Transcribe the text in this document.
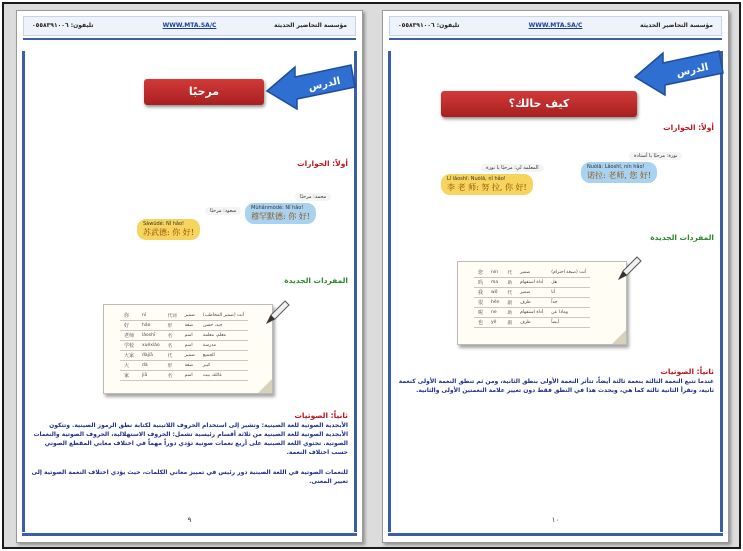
مؤسسة التحاضير الحديثة
WWW.MTA.SA/C
تليفون: ٠٥٥٨٣٩١٠٠٦
الدرس
مرحبًا
أولاً: الحوارات
محمد: مرحبًا
Mùhǎnmòdé: Nǐ hǎo!
穆罕默德: 你 好!
سعود: مرحبًا
Sàwūdé: Nǐ hǎo!
苏武德: 你 好!
المفردات الجديدة
你	nǐ	代词	ضمير	أنت (ضمير المخاطب)
好	hǎo	形	صفة	جيد، حسن
老师	lǎoshī	名	اسم	معلم، معلمة
学校	xuéxiào	名	اسم	مدرسة
大家	dàjiā	代	ضمير	الجميع
大	dà	形	صفة	كبير
家	jiā	名	اسم	عائلة، بيت
ثانياً: الصوتيات
الأبجدية الصوتية للغة الصينية: وتشير إلى استخدام الحروف اللاتينية لكتابة نطق الرموز الصينية. وتتكون الأبجدية الصوتية للغة الصينية من ثلاثة أقسام رئيسية تشمل: الحروف الاستهلالية، الحروف الصوتية والنغمات الصوتية. تحتوي اللغة الصينية على أربع نغمات صوتية تؤدي دوراً مهماً في اختلاف معاني المقطع الصوتي حسب اختلاف النغمة.
للنغمات الصوتية في اللغة الصينية دور رئيس في تمييز معاني الكلمات، حيث يؤدي اختلاف النغمة الصوتية إلى تغيير المعنى.
٩
مؤسسة التحاضير الحديثة
WWW.MTA.SA/C
تليفون: ٠٥٥٨٣٩١٠٠٦
الدرس
كيف حالك؟
أولاً: الحوارات
نورة: مرحبًا يا أستاذة
Nuòlā: Lǎoshī, nín hǎo!
诺拉: 老师, 您 好!
المعلمة لي: مرحبًا يا نورة
Lǐ lǎoshī: Nuòlā, nǐ hǎo!
李 老 师: 努 拉, 你 好!
المفردات الجديدة
您	nín	代	ضمير	أنت (صيغة احترام)
吗	ma	助	أداة استفهام	هل
我	wǒ	代	ضمير	أنا
很	hěn	副	ظرف	جداً
呢	ne	助	أداة استفهام	وماذا عن
也	yě	副	ظرف	أيضاً
ثانياً: الصوتيات
عندما تتبع النغمة الثالثة بنغمة ثالثة أيضاً، تتأثر النغمة الأولى بنطق الثانية، ومن ثم تنطق النغمة الأولى كنغمة ثانية، وتقرأ الثانية ثالثة كما هي، ويحدث هذا في النطق فقط دون تغيير علامة النغمتين الأولى والثانية.
١٠
